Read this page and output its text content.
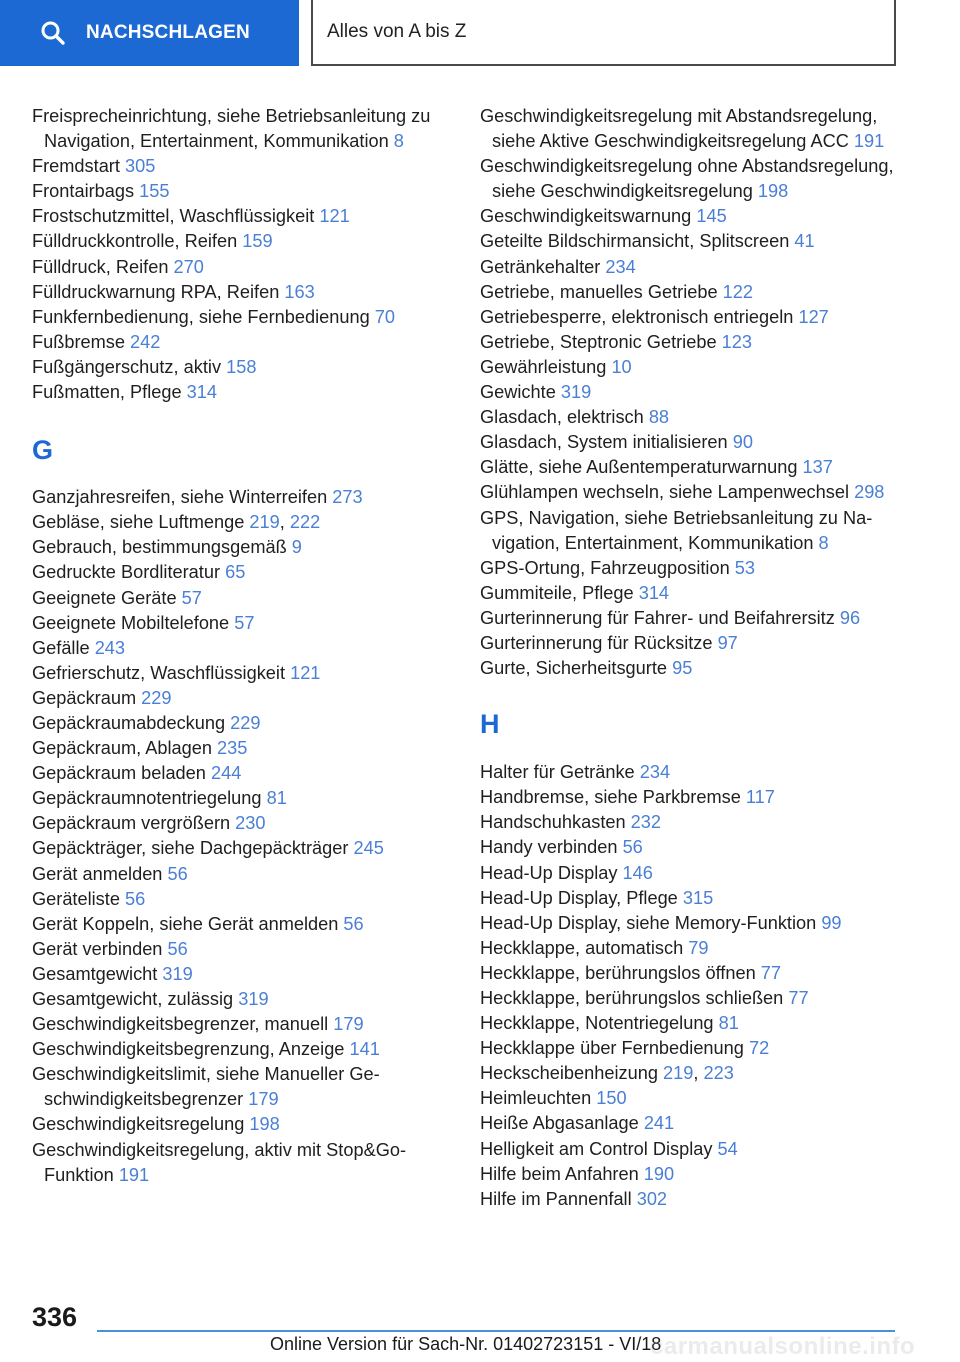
NACHSCHLAGEN	Alles von A bis Z
Freisprecheinrichtung, siehe Betriebsanleitung zu Navigation, Entertainment, Kommunikation 8
Fremdstart 305
Frontairbags 155
Frostschutzmittel, Waschflüssigkeit 121
Fülldruckkontrolle, Reifen 159
Fülldruck, Reifen 270
Fülldruckwarnung RPA, Reifen 163
Funkfernbedienung, siehe Fernbedienung 70
Fußbremse 242
Fußgängerschutz, aktiv 158
Fußmatten, Pflege 314
G
Ganzjahresreifen, siehe Winterreifen 273
Gebläse, siehe Luftmenge 219, 222
Gebrauch, bestimmungsgemäß 9
Gedruckte Bordliteratur 65
Geeignete Geräte 57
Geeignete Mobiltelefone 57
Gefälle 243
Gefrierschutz, Waschflüssigkeit 121
Gepäckraum 229
Gepäckraumabdeckung 229
Gepäckraum, Ablagen 235
Gepäckraum beladen 244
Gepäckraumnotentriegelung 81
Gepäckraum vergrößern 230
Gepäckträger, siehe Dachgepäckträger 245
Gerät anmelden 56
Geräteliste 56
Gerät Koppeln, siehe Gerät anmelden 56
Gerät verbinden 56
Gesamtgewicht 319
Gesamtgewicht, zulässig 319
Geschwindigkeitsbegrenzer, manuell 179
Geschwindigkeitsbegrenzung, Anzeige 141
Geschwindigkeitslimit, siehe Manueller Geschwindigkeitsbegrenzer 179
Geschwindigkeitsregelung 198
Geschwindigkeitsregelung, aktiv mit Stop&Go-Funktion 191
Geschwindigkeitsregelung mit Abstandsregelung, siehe Aktive Geschwindigkeitsregelung ACC 191
Geschwindigkeitsregelung ohne Abstandsregelung, siehe Geschwindigkeitsregelung 198
Geschwindigkeitswarnung 145
Geteilte Bildschirmansicht, Splitscreen 41
Getränkehalter 234
Getriebe, manuelles Getriebe 122
Getriebesperre, elektronisch entriegeln 127
Getriebe, Steptronic Getriebe 123
Gewährleistung 10
Gewichte 319
Glasdach, elektrisch 88
Glasdach, System initialisieren 90
Glätte, siehe Außentemperaturwarnung 137
Glühlampen wechseln, siehe Lampenwechsel 298
GPS, Navigation, siehe Betriebsanleitung zu Navigation, Entertainment, Kommunikation 8
GPS-Ortung, Fahrzeugposition 53
Gummiteile, Pflege 314
Gurterinnerung für Fahrer- und Beifahrersitz 96
Gurterinnerung für Rücksitze 97
Gurte, Sicherheitsgurte 95
H
Halter für Getränke 234
Handbremse, siehe Parkbremse 117
Handschuhkasten 232
Handy verbinden 56
Head-Up Display 146
Head-Up Display, Pflege 315
Head-Up Display, siehe Memory-Funktion 99
Heckklappe, automatisch 79
Heckklappe, berührungslos öffnen 77
Heckklappe, berührungslos schließen 77
Heckklappe, Notentriegelung 81
Heckklappe über Fernbedienung 72
Heckscheibenheizung 219, 223
Heimleuchten 150
Heiße Abgasanlage 241
Helligkeit am Control Display 54
Hilfe beim Anfahren 190
Hilfe im Pannenfall 302
336
Online Version für Sach-Nr. 01402723151 - VI/18
carmanualsonline.info
